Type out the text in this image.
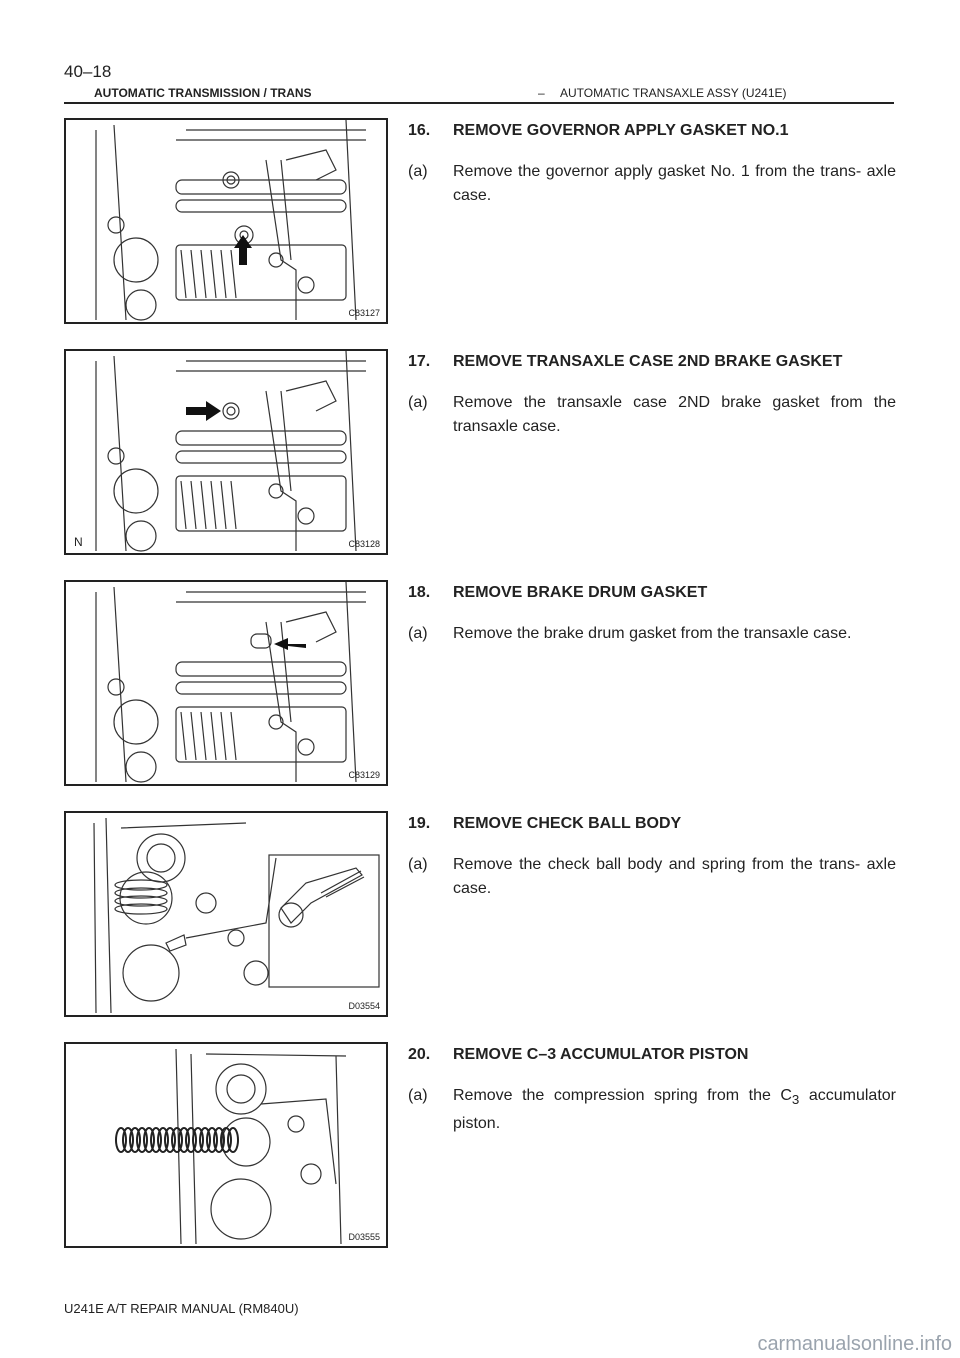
40–18
AUTOMATIC TRANSMISSION / TRANS	– AUTOMATIC TRANSAXLE ASSY (U241E)
C83127
N	C83128
C83129
D03554
D03555
16.	REMOVE GOVERNOR APPLY GASKET NO.1
(a)	Remove the governor apply gasket No. 1 from the trans- axle case.
17.	REMOVE TRANSAXLE CASE 2ND BRAKE GASKET
(a)	Remove the transaxle case 2ND brake gasket from the transaxle case.
18.	REMOVE BRAKE DRUM GASKET
(a)	Remove the brake drum gasket from the transaxle case.
19.	REMOVE CHECK BALL BODY
(a)	Remove the check ball body and spring from the trans- axle case.
20.	REMOVE C–3 ACCUMULATOR PISTON
(a)	Remove the compression spring from the $C_3$ accumulator piston.
U241E A/T REPAIR MANUAL (RM840U)
carmanualsonline.info
